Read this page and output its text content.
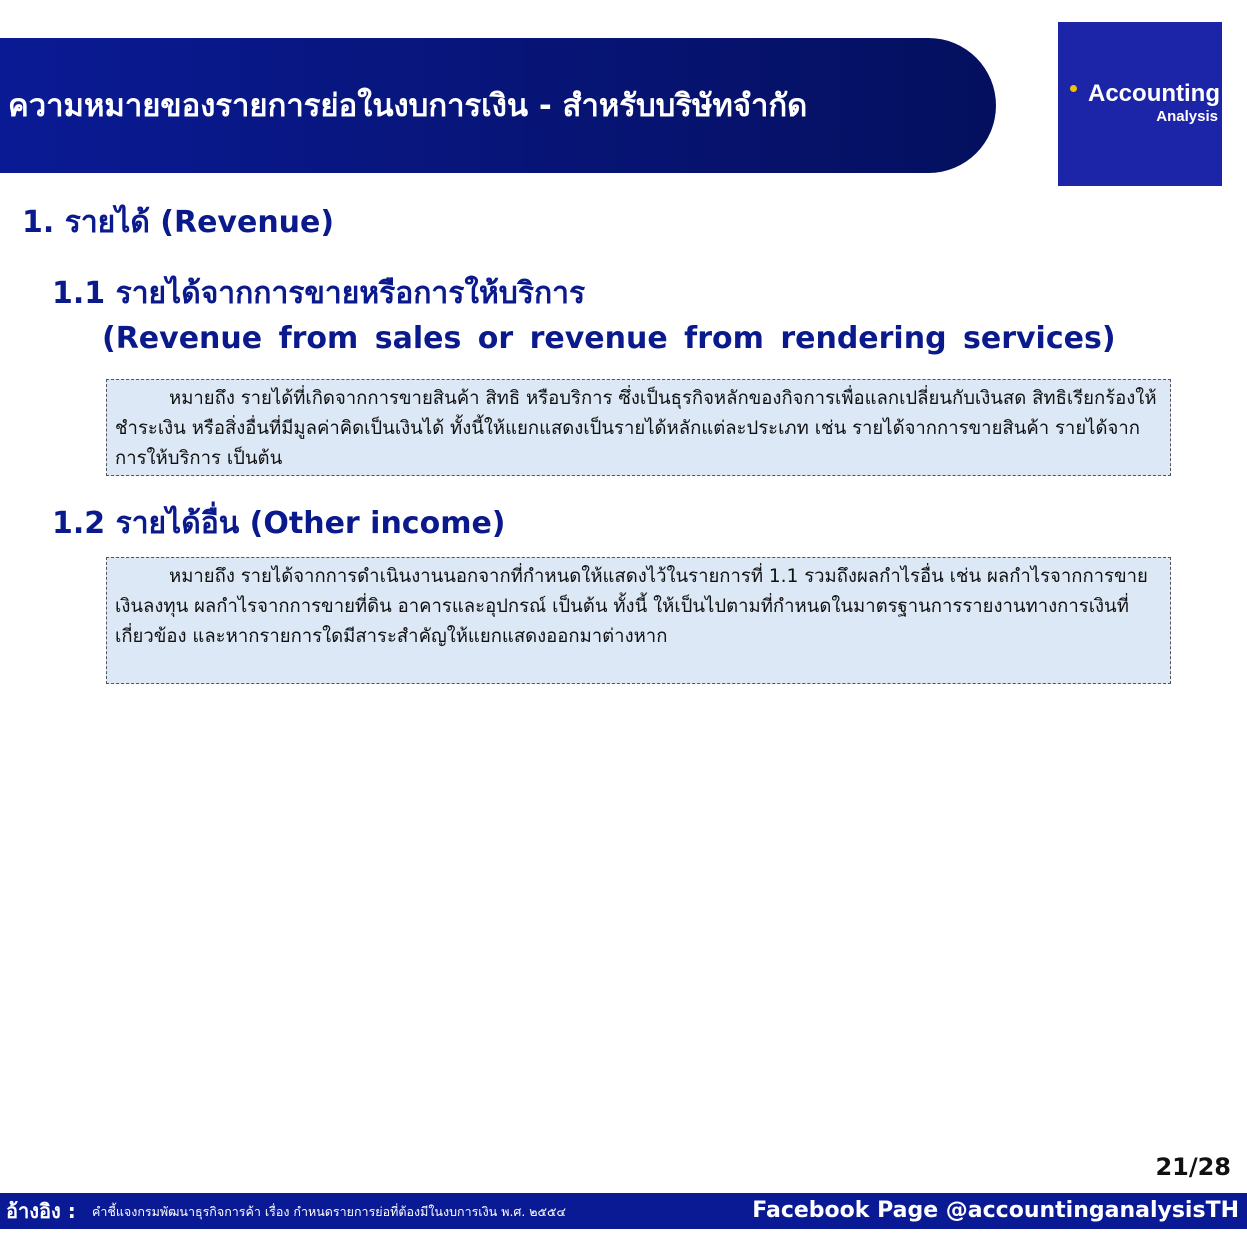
ความหมายของรายการย่อในงบการเงิน - สำหรับบริษัทจำกัด	Accounting
Analysis
1. รายได้ (Revenue)
1.1 รายได้จากการขายหรือการให้บริการ
(Revenue from sales or revenue from rendering services)

หมายถึง รายได้ที่เกิดจากการขายสินค้า สิทธิ หรือบริการ ซึ่งเป็นธุรกิจหลักของกิจการเพื่อแลกเปลี่ยนกับเงินสด สิทธิเรียกร้องให้ชำระเงิน หรือสิ่งอื่นที่มีมูลค่าคิดเป็นเงินได้ ทั้งนี้ให้แยกแสดงเป็นรายได้หลักแต่ละประเภท เช่น รายได้จากการขายสินค้า รายได้จากการให้บริการ เป็นต้น

1.2 รายได้อื่น (Other income)

หมายถึง รายได้จากการดำเนินงานนอกจากที่กำหนดให้แสดงไว้ในรายการที่ 1.1 รวมถึงผลกำไรอื่น เช่น ผลกำไรจากการขายเงินลงทุน ผลกำไรจากการขายที่ดิน อาคารและอุปกรณ์ เป็นต้น ทั้งนี้ ให้เป็นไปตามที่กำหนดในมาตรฐานการรายงานทางการเงินที่เกี่ยวข้อง และหากรายการใดมีสาระสำคัญให้แยกแสดงออกมาต่างหาก

21/28
อ้างอิง : คำชี้แจงกรมพัฒนาธุรกิจการค้า เรื่อง กำหนดรายการย่อที่ต้องมีในงบการเงิน พ.ศ. ๒๕๕๔	Facebook Page @accountinganalysisTH
